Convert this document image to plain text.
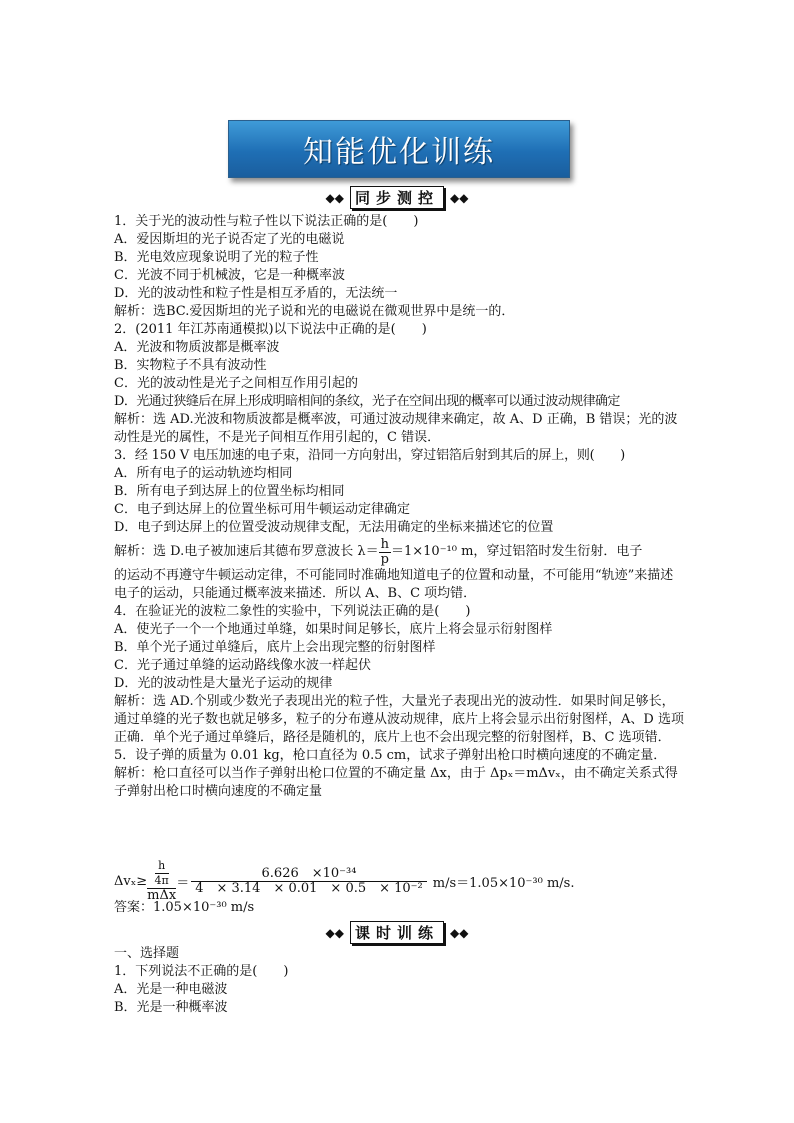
知能优化训练
◆◆ 同步测控 ◆◆
1．关于光的波动性与粒子性以下说法正确的是(　　)
A．爱因斯坦的光子说否定了光的电磁说
B．光电效应现象说明了光的粒子性
C．光波不同于机械波，它是一种概率波
D．光的波动性和粒子性是相互矛盾的，无法统一
解析：选BC.爱因斯坦的光子说和光的电磁说在微观世界中是统一的．
2．(2011 年江苏南通模拟)以下说法中正确的是(　　)
A．光波和物质波都是概率波
B．实物粒子不具有波动性
C．光的波动性是光子之间相互作用引起的
D．光通过狭缝后在屏上形成明暗相间的条纹，光子在空间出现的概率可以通过波动规律确定
解析：选 AD.光波和物质波都是概率波，可通过波动规律来确定，故 A、D 正确，B 错误；光的波动性是光的属性，不是光子间相互作用引起的，C 错误．
3．经 150 V 电压加速的电子束，沿同一方向射出，穿过铝箔后射到其后的屏上，则(　　)
A．所有电子的运动轨迹均相同
B．所有电子到达屏上的位置坐标均相同
C．电子到达屏上的位置坐标可用牛顿运动定律确定
D．电子到达屏上的位置受波动规律支配，无法用确定的坐标来描述它的位置
解析：选 D.电子被加速后其德布罗意波长 $\lambda= \frac{h}{p} =1\times 10^{-10}$ m，穿过铝箔时发生衍射．电子
的运动不再遵守牛顿运动定律，不可能同时准确地知道电子的位置和动量，不可能用“轨迹”来描述电子的运动，只能通过概率波来描述．所以 A、B、C 项均错．
4．在验证光的波粒二象性的实验中，下列说法正确的是(　　)
A．使光子一个一个地通过单缝，如果时间足够长，底片上将会显示衍射图样
B．单个光子通过单缝后，底片上会出现完整的衍射图样
C．光子通过单缝的运动路线像水波一样起伏
D．光的波动性是大量光子运动的规律
解析：选 AD.个别或少数光子表现出光的粒子性，大量光子表现出光的波动性．如果时间足够长，通过单缝的光子数也就足够多，粒子的分布遵从波动规律，底片上将会显示出衍射图样，A、D 选项正确．单个光子通过单缝后，路径是随机的，底片上也不会出现完整的衍射图样，B、C 选项错．
5．设子弹的质量为 0.01 kg，枪口直径为 0.5 cm，试求子弹射出枪口时横向速度的不确定量．
解析：枪口直径可以当作子弹射出枪口位置的不确定量 Δx，由于 Δpₓ＝mΔvₓ，由不确定关系式得子弹射出枪口时横向速度的不确定量
$\Delta v_x\ge \frac{\frac{h}{4\pi}}{\text{mΔx}} = \frac{\text{6.626　×10⁻³⁴}}{\text{4　× 3.14　× 0.01　× 0.5　× 10⁻²}} m/s=1.05\times 10^{-30}$ m/s.
答案：1.05×10⁻³⁰ m/s
◆◆ 课时训练 ◆◆
一、选择题
1．下列说法不正确的是(　　)
A．光是一种电磁波
B．光是一种概率波
